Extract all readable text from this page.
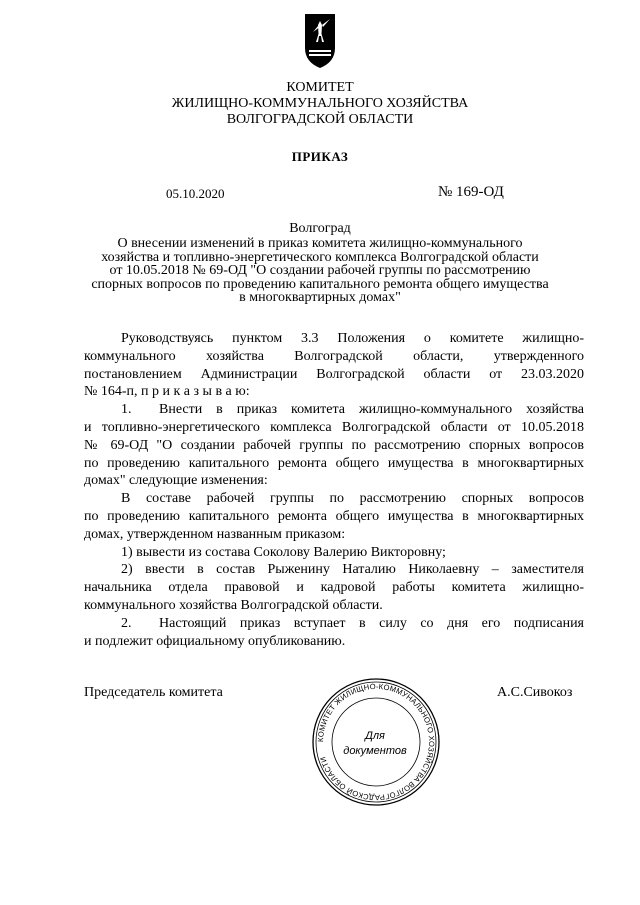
КОМИТЕТ
ЖИЛИЩНО-КОММУНАЛЬНОГО ХОЗЯЙСТВА
ВОЛГОГРАДСКОЙ ОБЛАСТИ
ПРИКАЗ
05.10.2020	№ 169-ОД
Волгоград
О внесении изменений в приказ комитета жилищно-коммунального
хозяйства и топливно-энергетического комплекса Волгоградской области
от 10.05.2018 № 69-ОД "О создании рабочей группы по рассмотрению
спорных вопросов по проведению капитального ремонта общего имущества
в многоквартирных домах"
Руководствуясь пунктом 3.3 Положения о комитете жилищно-
коммунального хозяйства Волгоградской области, утвержденного
постановлением Администрации Волгоградской области от 23.03.2020
№ 164-п, п р и к а з ы в а ю:
1. Внести в приказ комитета жилищно-коммунального хозяйства
и топливно-энергетического комплекса Волгоградской области от 10.05.2018
№ 69-ОД "О создании рабочей группы по рассмотрению спорных вопросов
по проведению капитального ремонта общего имущества в многоквартирных
домах" следующие изменения:
В составе рабочей группы по рассмотрению спорных вопросов
по проведению капитального ремонта общего имущества в многоквартирных
домах, утвержденном названным приказом:
1) вывести из состава Соколову Валерию Викторовну;
2) ввести в состав Рыженину Наталию Николаевну – заместителя
начальника отдела правовой и кадровой работы комитета жилищно-
коммунального хозяйства Волгоградской области.
2. Настоящий приказ вступает в силу со дня его подписания
и подлежит официальному опубликованию.
Председатель комитета	А.С.Сивокоз
КОМИТЕТ ЖИЛИЩНО-КОММУНАЛЬНОГО ХОЗЯЙСТВА ВОЛГОГРАДСКОЙ ОБЛАСТИ
Для
документов
